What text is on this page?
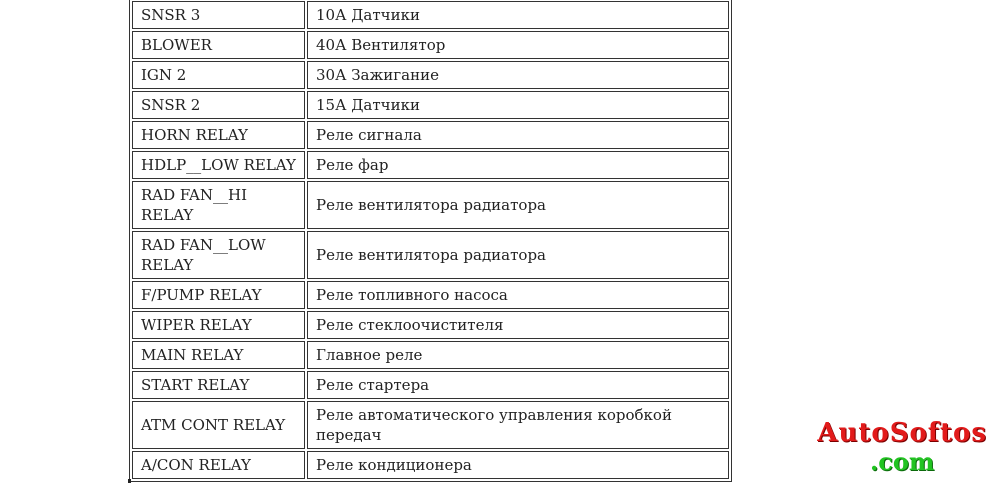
SNSR 3	10А Датчики
BLOWER	40А Вентилятор
IGN 2	30А Зажигание
SNSR 2	15А Датчики
HORN RELAY	Реле сигнала
HDLP__LOW RELAY	Реле фар
RAD FAN__HI RELAY	Реле вентилятора радиатора
RAD FAN__LOW RELAY	Реле вентилятора радиатора
F/PUMP RELAY	Реле топливного насоса
WIPER RELAY	Реле стеклоочистителя
MAIN RELAY	Главное реле
START RELAY	Реле стартера
ATM CONT RELAY	Реле автоматического управления коробкой передач
A/CON RELAY	Реле кондиционера
AutoSoftos
.com
